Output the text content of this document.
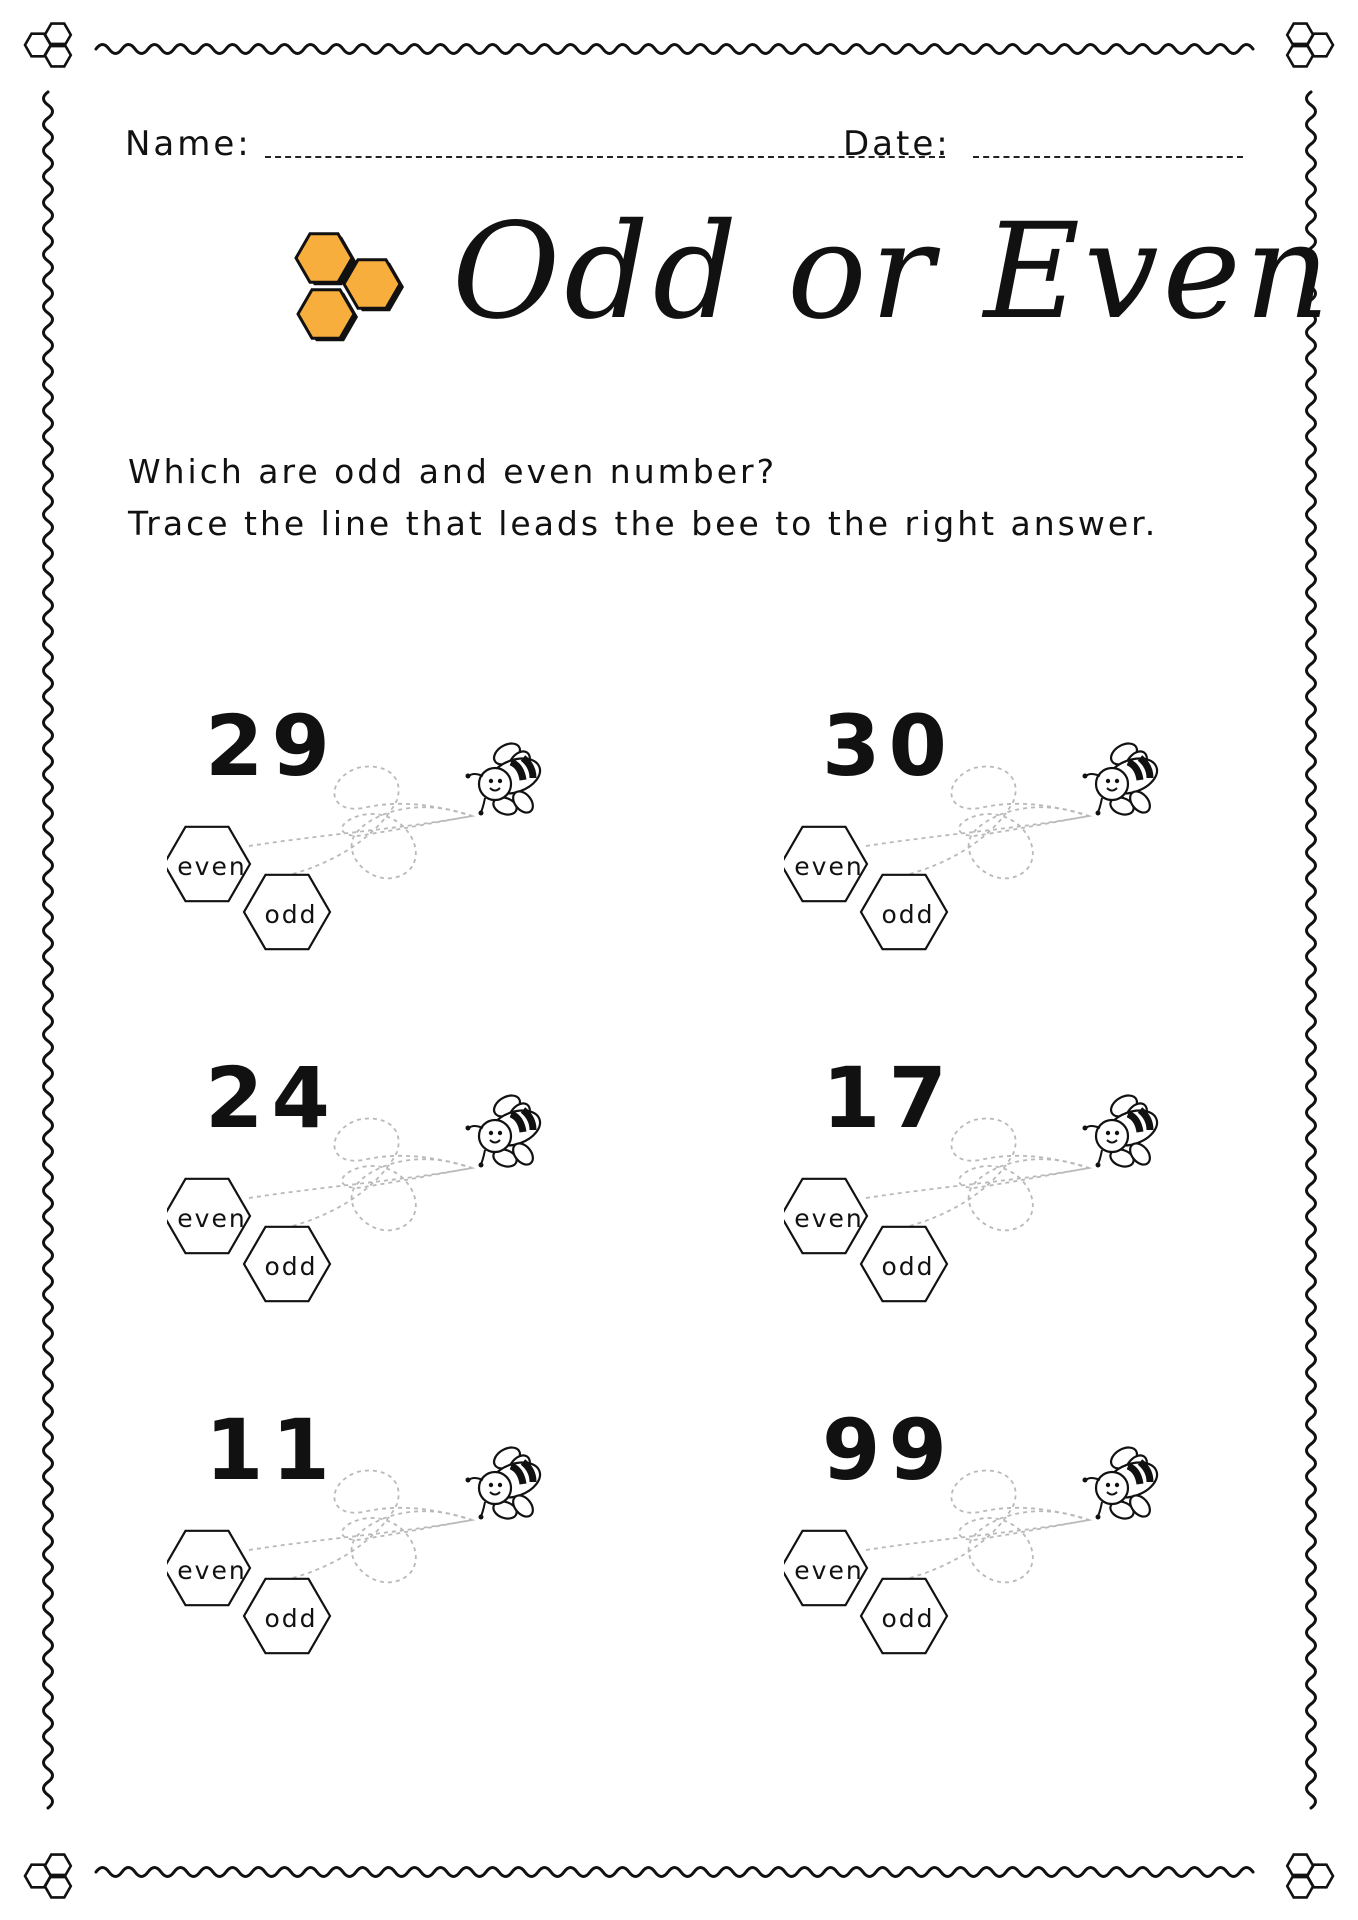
Name:	Date:
Odd or Even

Which are odd and even number?

Trace the line that leads the bee to the right answer.

29
even
odd
30
even
odd
24
even
odd
17
even
odd
11
even
odd
99
even
odd
